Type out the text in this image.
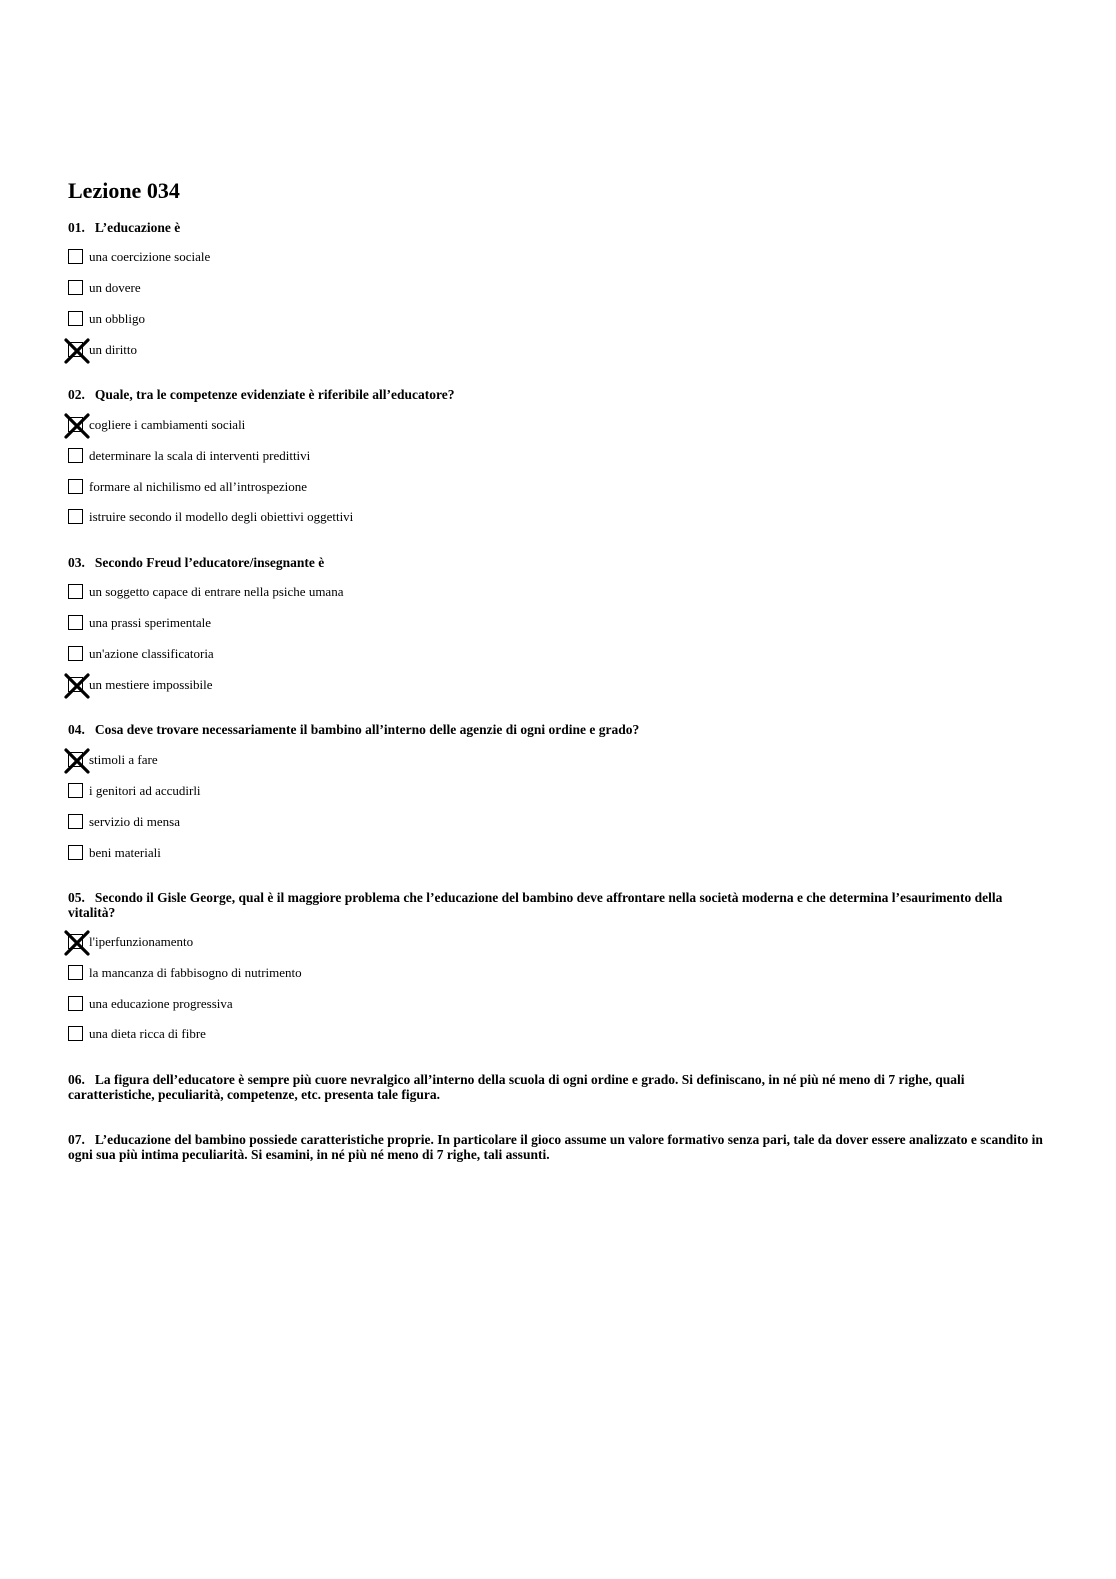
Lezione 034
01. L’educazione è
una coercizione sociale
un dovere
un obbligo
un diritto
02. Quale, tra le competenze evidenziate è riferibile all’educatore?
cogliere i cambiamenti sociali
determinare la scala di interventi predittivi
formare al nichilismo ed all’introspezione
istruire secondo il modello degli obiettivi oggettivi
03. Secondo Freud l’educatore/insegnante è
un soggetto capace di entrare nella psiche umana
una prassi sperimentale
un'azione classificatoria
un mestiere impossibile
04. Cosa deve trovare necessariamente il bambino all’interno delle agenzie di ogni ordine e grado?
stimoli a fare
i genitori ad accudirli
servizio di mensa
beni materiali
05. Secondo il Gisle George, qual è il maggiore problema che l’educazione del bambino deve affrontare nella società moderna e che determina l’esaurimento della vitalità?
l'iperfunzionamento
la mancanza di fabbisogno di nutrimento
una educazione progressiva
una dieta ricca di fibre
06. La figura dell’educatore è sempre più cuore nevralgico all’interno della scuola di ogni ordine e grado. Si definiscano, in né più né meno di 7 righe, quali caratteristiche, peculiarità, competenze, etc. presenta tale figura.
07. L’educazione del bambino possiede caratteristiche proprie. In particolare il gioco assume un valore formativo senza pari, tale da dover essere analizzato e scandito in ogni sua più intima peculiarità. Si esamini, in né più né meno di 7 righe, tali assunti.
